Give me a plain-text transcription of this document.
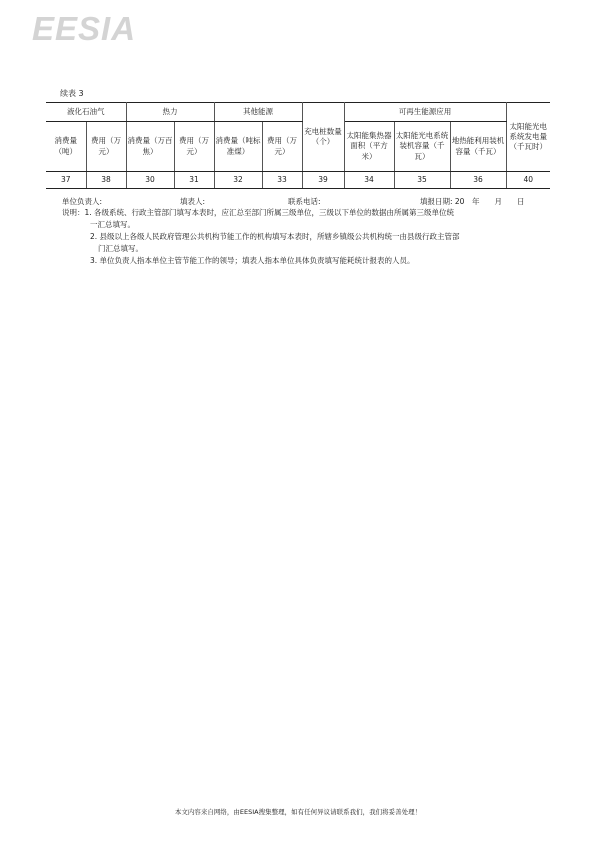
EESIA
续表 3
液化石油气		热力		其他能源		充电桩数量（个）	可再生能源应用			太阳能光电系统发电量（千瓦时）
消费量（吨）	费用（万元）	消费量（万百焦）	费用（万元）	消费量（吨标准煤）	费用（万元）		太阳能集热器面积（平方米）	太阳能光电系统装机容量（千瓦）	地热能利用装机容量（千瓦）	
37	38	30	31	32	33	39	34	35	36	40
单位负责人:	填表人:	联系电话:	填报日期: 20　年　　月　　日
说明：1. 各级系统、行政主管部门填写本表时，应汇总至部门所属三级单位，三级以下单位的数据由所属第三级单位统
一汇总填写。
2. 县级以上各级人民政府管理公共机构节能工作的机构填写本表时，所辖乡镇级公共机构统一由县级行政主管部
门汇总填写。
3. 单位负责人指本单位主管节能工作的领导；填表人指本单位具体负责填写能耗统计报表的人员。
本文内容来自网络，由EESIA搜集整理，如有任何异议请联系我们，我们将妥善处理！
